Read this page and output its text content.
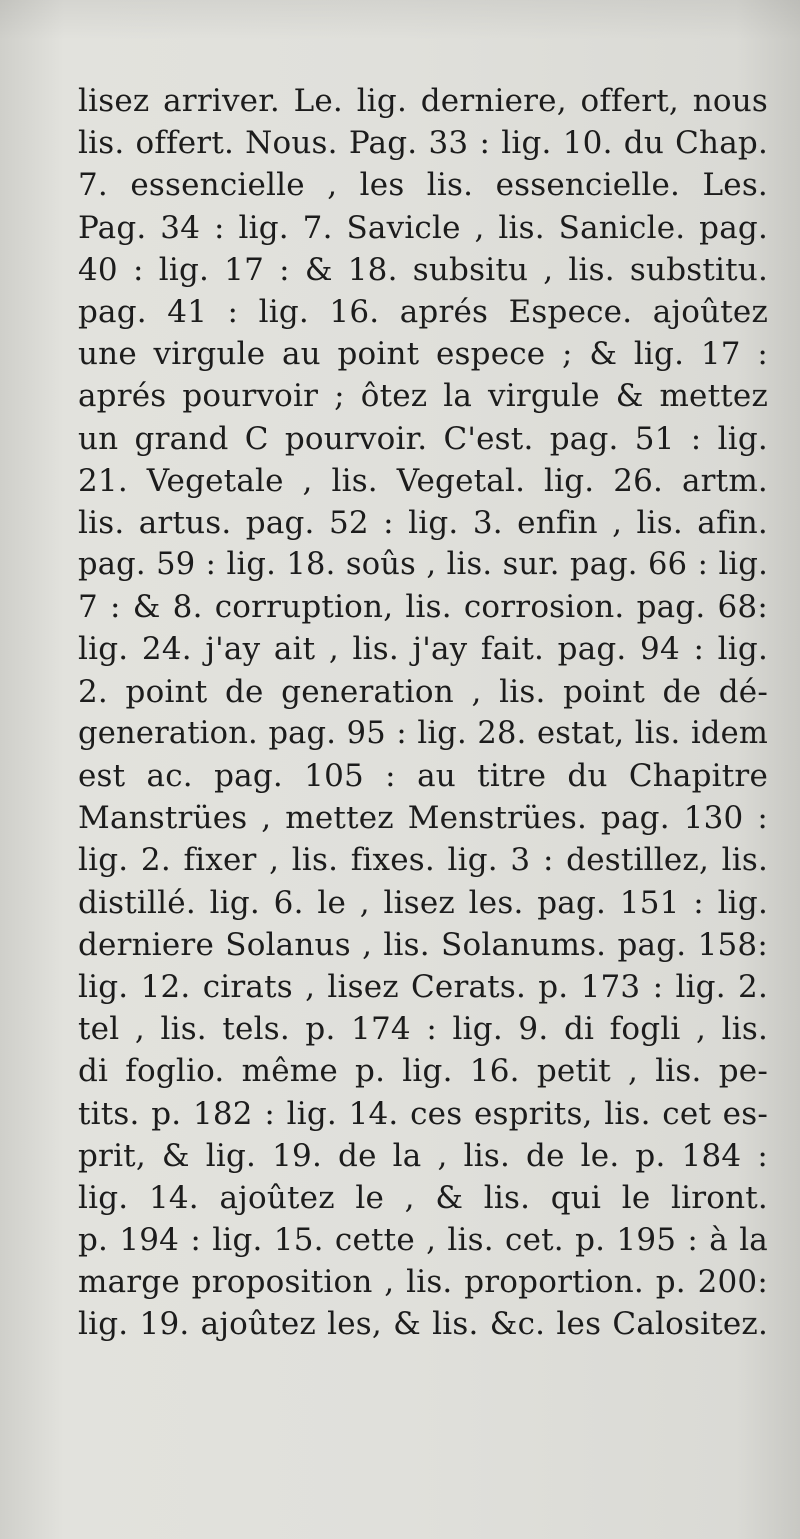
lisez arriver. Le. lig. derniere, offert, nous
lis. offert. Nous. Pag. 33 : lig. 10. du Chap.
7. essencielle , les lis. essencielle. Les.
Pag. 34 : lig. 7. Savicle , lis. Sanicle. pag.
40 : lig. 17 : & 18. subsitu , lis. substitu.
pag. 41 : lig. 16. aprés Espece. ajoûtez
une virgule au point espece ; & lig. 17 :
aprés pourvoir ; ôtez la virgule & mettez
un grand C pourvoir. C'est. pag. 51 : lig.
21. Vegetale , lis. Vegetal. lig. 26. artm.
lis. artus. pag. 52 : lig. 3. enfin , lis. afin.
pag. 59 : lig. 18. soûs , lis. sur. pag. 66 : lig.
7 : & 8. corruption, lis. corrosion. pag. 68:
lig. 24. j'ay ait , lis. j'ay fait. pag. 94 : lig.
2. point de generation , lis. point de dé-
generation. pag. 95 : lig. 28. estat, lis. idem
est ac. pag. 105 : au titre du Chapitre
Manstrües , mettez Menstrües. pag. 130 :
lig. 2. fixer , lis. fixes. lig. 3 : destillez, lis.
distillé. lig. 6. le , lisez les. pag. 151 : lig.
derniere Solanus , lis. Solanums. pag. 158:
lig. 12. cirats , lisez Cerats. p. 173 : lig. 2.
tel , lis. tels. p. 174 : lig. 9. di fogli , lis.
di foglio. même p. lig. 16. petit , lis. pe-
tits. p. 182 : lig. 14. ces esprits, lis. cet es-
prit, & lig. 19. de la , lis. de le. p. 184 :
lig. 14. ajoûtez le , & lis. qui le liront.
p. 194 : lig. 15. cette , lis. cet. p. 195 : à la
marge proposition , lis. proportion. p. 200:
lig. 19. ajoûtez les, & lis. &c. les Calositez.
